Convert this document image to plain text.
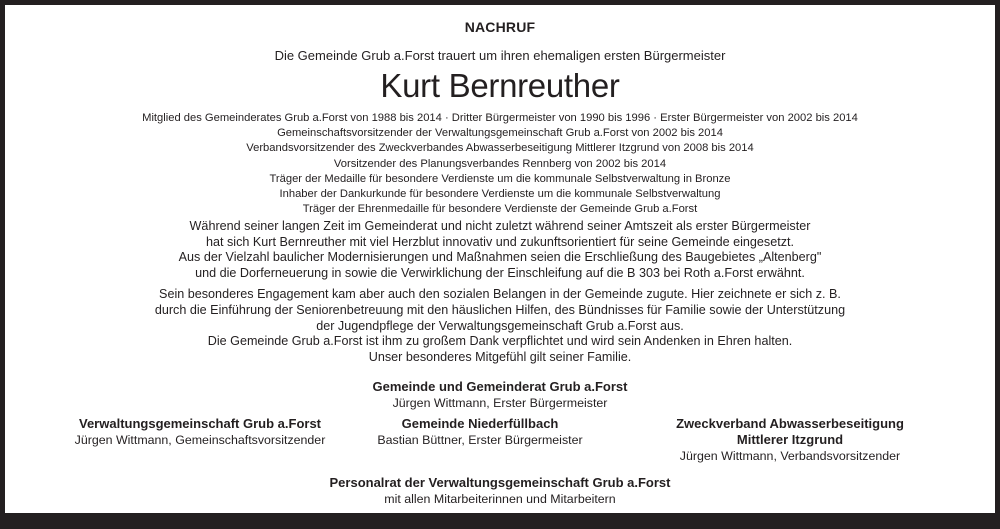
NACHRUF
Die Gemeinde Grub a.Forst trauert um ihren ehemaligen ersten Bürgermeister
Kurt Bernreuther
Mitglied des Gemeinderates Grub a.Forst von 1988 bis 2014 · Dritter Bürgermeister von 1990 bis 1996 · Erster Bürgermeister von 2002 bis 2014
Gemeinschaftsvorsitzender der Verwaltungsgemeinschaft Grub a.Forst von 2002 bis 2014
Verbandsvorsitzender des Zweckverbandes Abwasserbeseitigung Mittlerer Itzgrund von 2008 bis 2014
Vorsitzender des Planungsverbandes Rennberg von 2002 bis 2014
Träger der Medaille für besondere Verdienste um die kommunale Selbstverwaltung in Bronze
Inhaber der Dankurkunde für besondere Verdienste um die kommunale Selbstverwaltung
Träger der Ehrenmedaille für besondere Verdienste der Gemeinde Grub a.Forst
Während seiner langen Zeit im Gemeinderat und nicht zuletzt während seiner Amtszeit als erster Bürgermeister
hat sich Kurt Bernreuther mit viel Herzblut innovativ und zukunftsorientiert für seine Gemeinde eingesetzt.
Aus der Vielzahl baulicher Modernisierungen und Maßnahmen seien die Erschließung des Baugebietes „Altenberg"
und die Dorferneuerung in sowie die Verwirklichung der Einschleifung auf die B 303 bei Roth a.Forst erwähnt.
Sein besonderes Engagement kam aber auch den sozialen Belangen in der Gemeinde zugute. Hier zeichnete er sich z. B.
durch die Einführung der Seniorenbetreuung mit den häuslichen Hilfen, des Bündnisses für Familie sowie der Unterstützung
der Jugendpflege der Verwaltungsgemeinschaft Grub a.Forst aus.
Die Gemeinde Grub a.Forst ist ihm zu großem Dank verpflichtet und wird sein Andenken in Ehren halten.
Unser besonderes Mitgefühl gilt seiner Familie.
Gemeinde und Gemeinderat Grub a.Forst
Jürgen Wittmann, Erster Bürgermeister
Verwaltungsgemeinschaft Grub a.Forst
Jürgen Wittmann, Gemeinschaftsvorsitzender
Gemeinde Niederfüllbach
Bastian Büttner, Erster Bürgermeister
Zweckverband Abwasserbeseitigung
Mittlerer Itzgrund
Jürgen Wittmann, Verbandsvorsitzender
Personalrat der Verwaltungsgemeinschaft Grub a.Forst
mit allen Mitarbeiterinnen und Mitarbeitern
